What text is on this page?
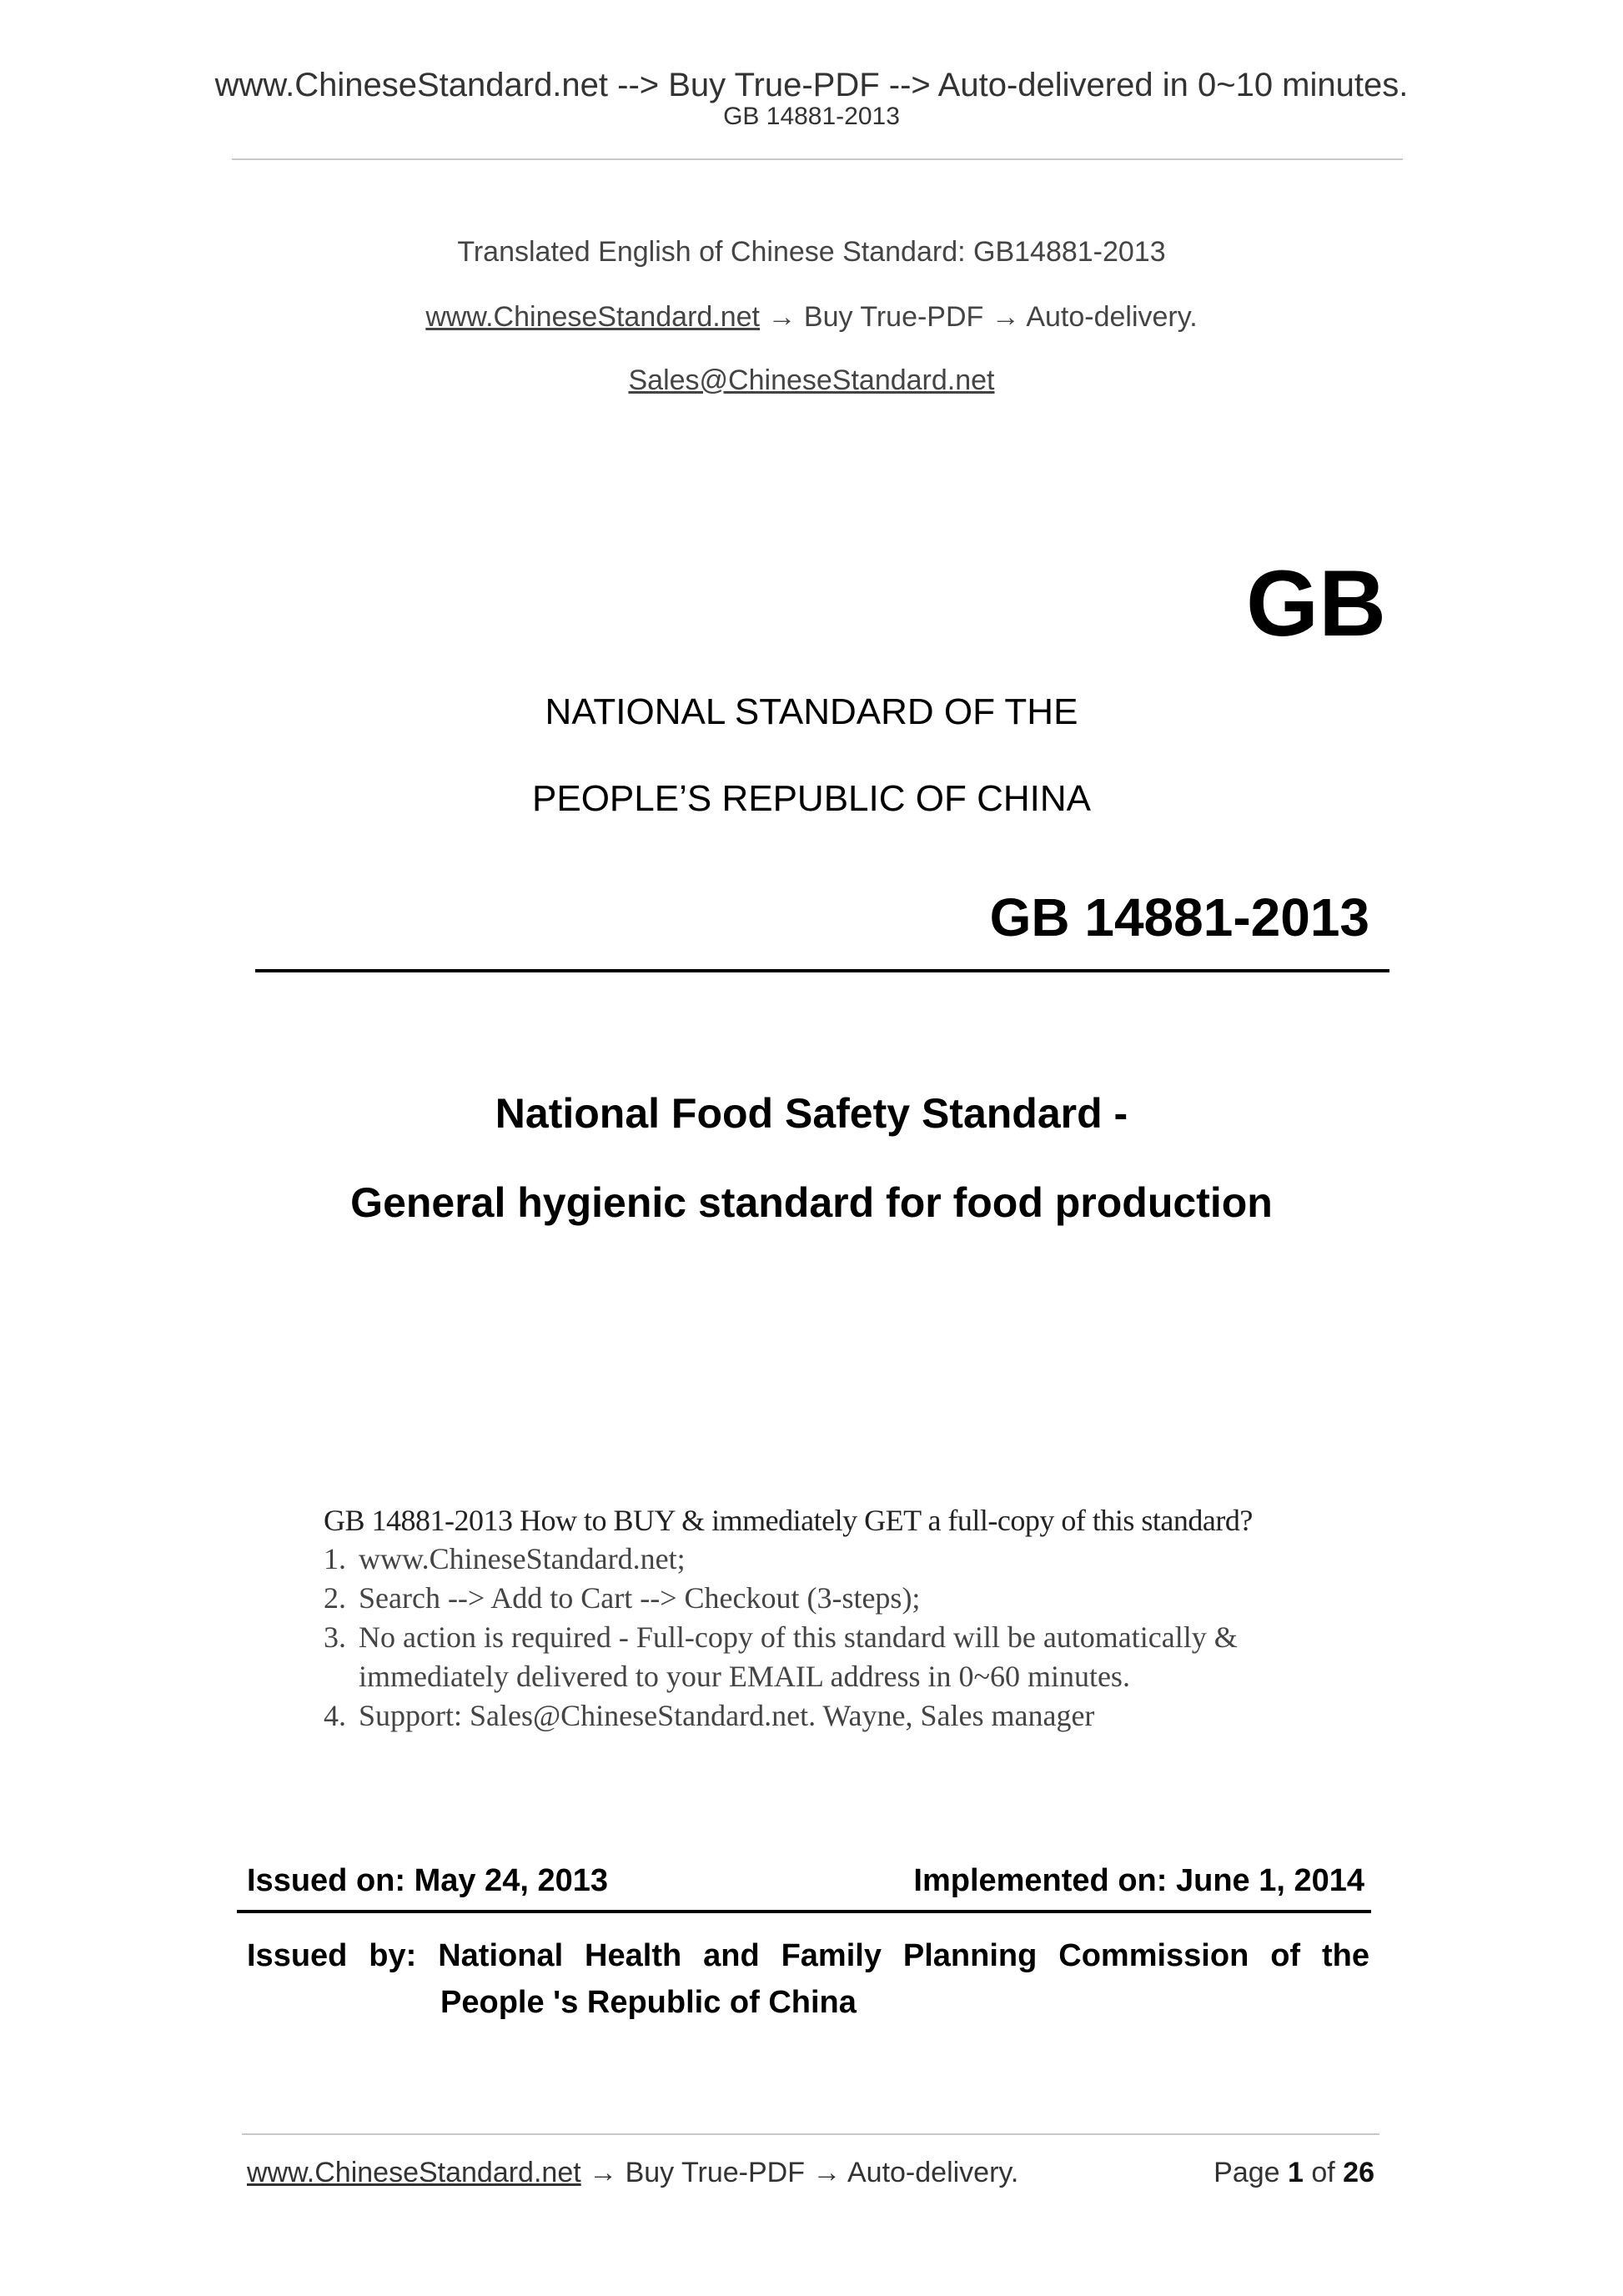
www.ChineseStandard.net --> Buy True-PDF --> Auto-delivered in 0~10 minutes.
GB 14881-2013
Translated English of Chinese Standard: GB14881-2013
www.ChineseStandard.net → Buy True-PDF → Auto-delivery.
Sales@ChineseStandard.net
GB
NATIONAL STANDARD OF THE
PEOPLE’S REPUBLIC OF CHINA
GB 14881-2013
National Food Safety Standard -
General hygienic standard for food production
GB 14881-2013 How to BUY & immediately GET a full-copy of this standard?
1. www.ChineseStandard.net;
2. Search --> Add to Cart --> Checkout (3-steps);
3. No action is required - Full-copy of this standard will be automatically & immediately delivered to your EMAIL address in 0~60 minutes.
4. Support: Sales@ChineseStandard.net. Wayne, Sales manager
Issued on: May 24, 2013	Implemented on: June 1, 2014
Issued by: National Health and Family Planning Commission of the
People 's Republic of China
www.ChineseStandard.net → Buy True-PDF → Auto-delivery.	Page 1 of 26
